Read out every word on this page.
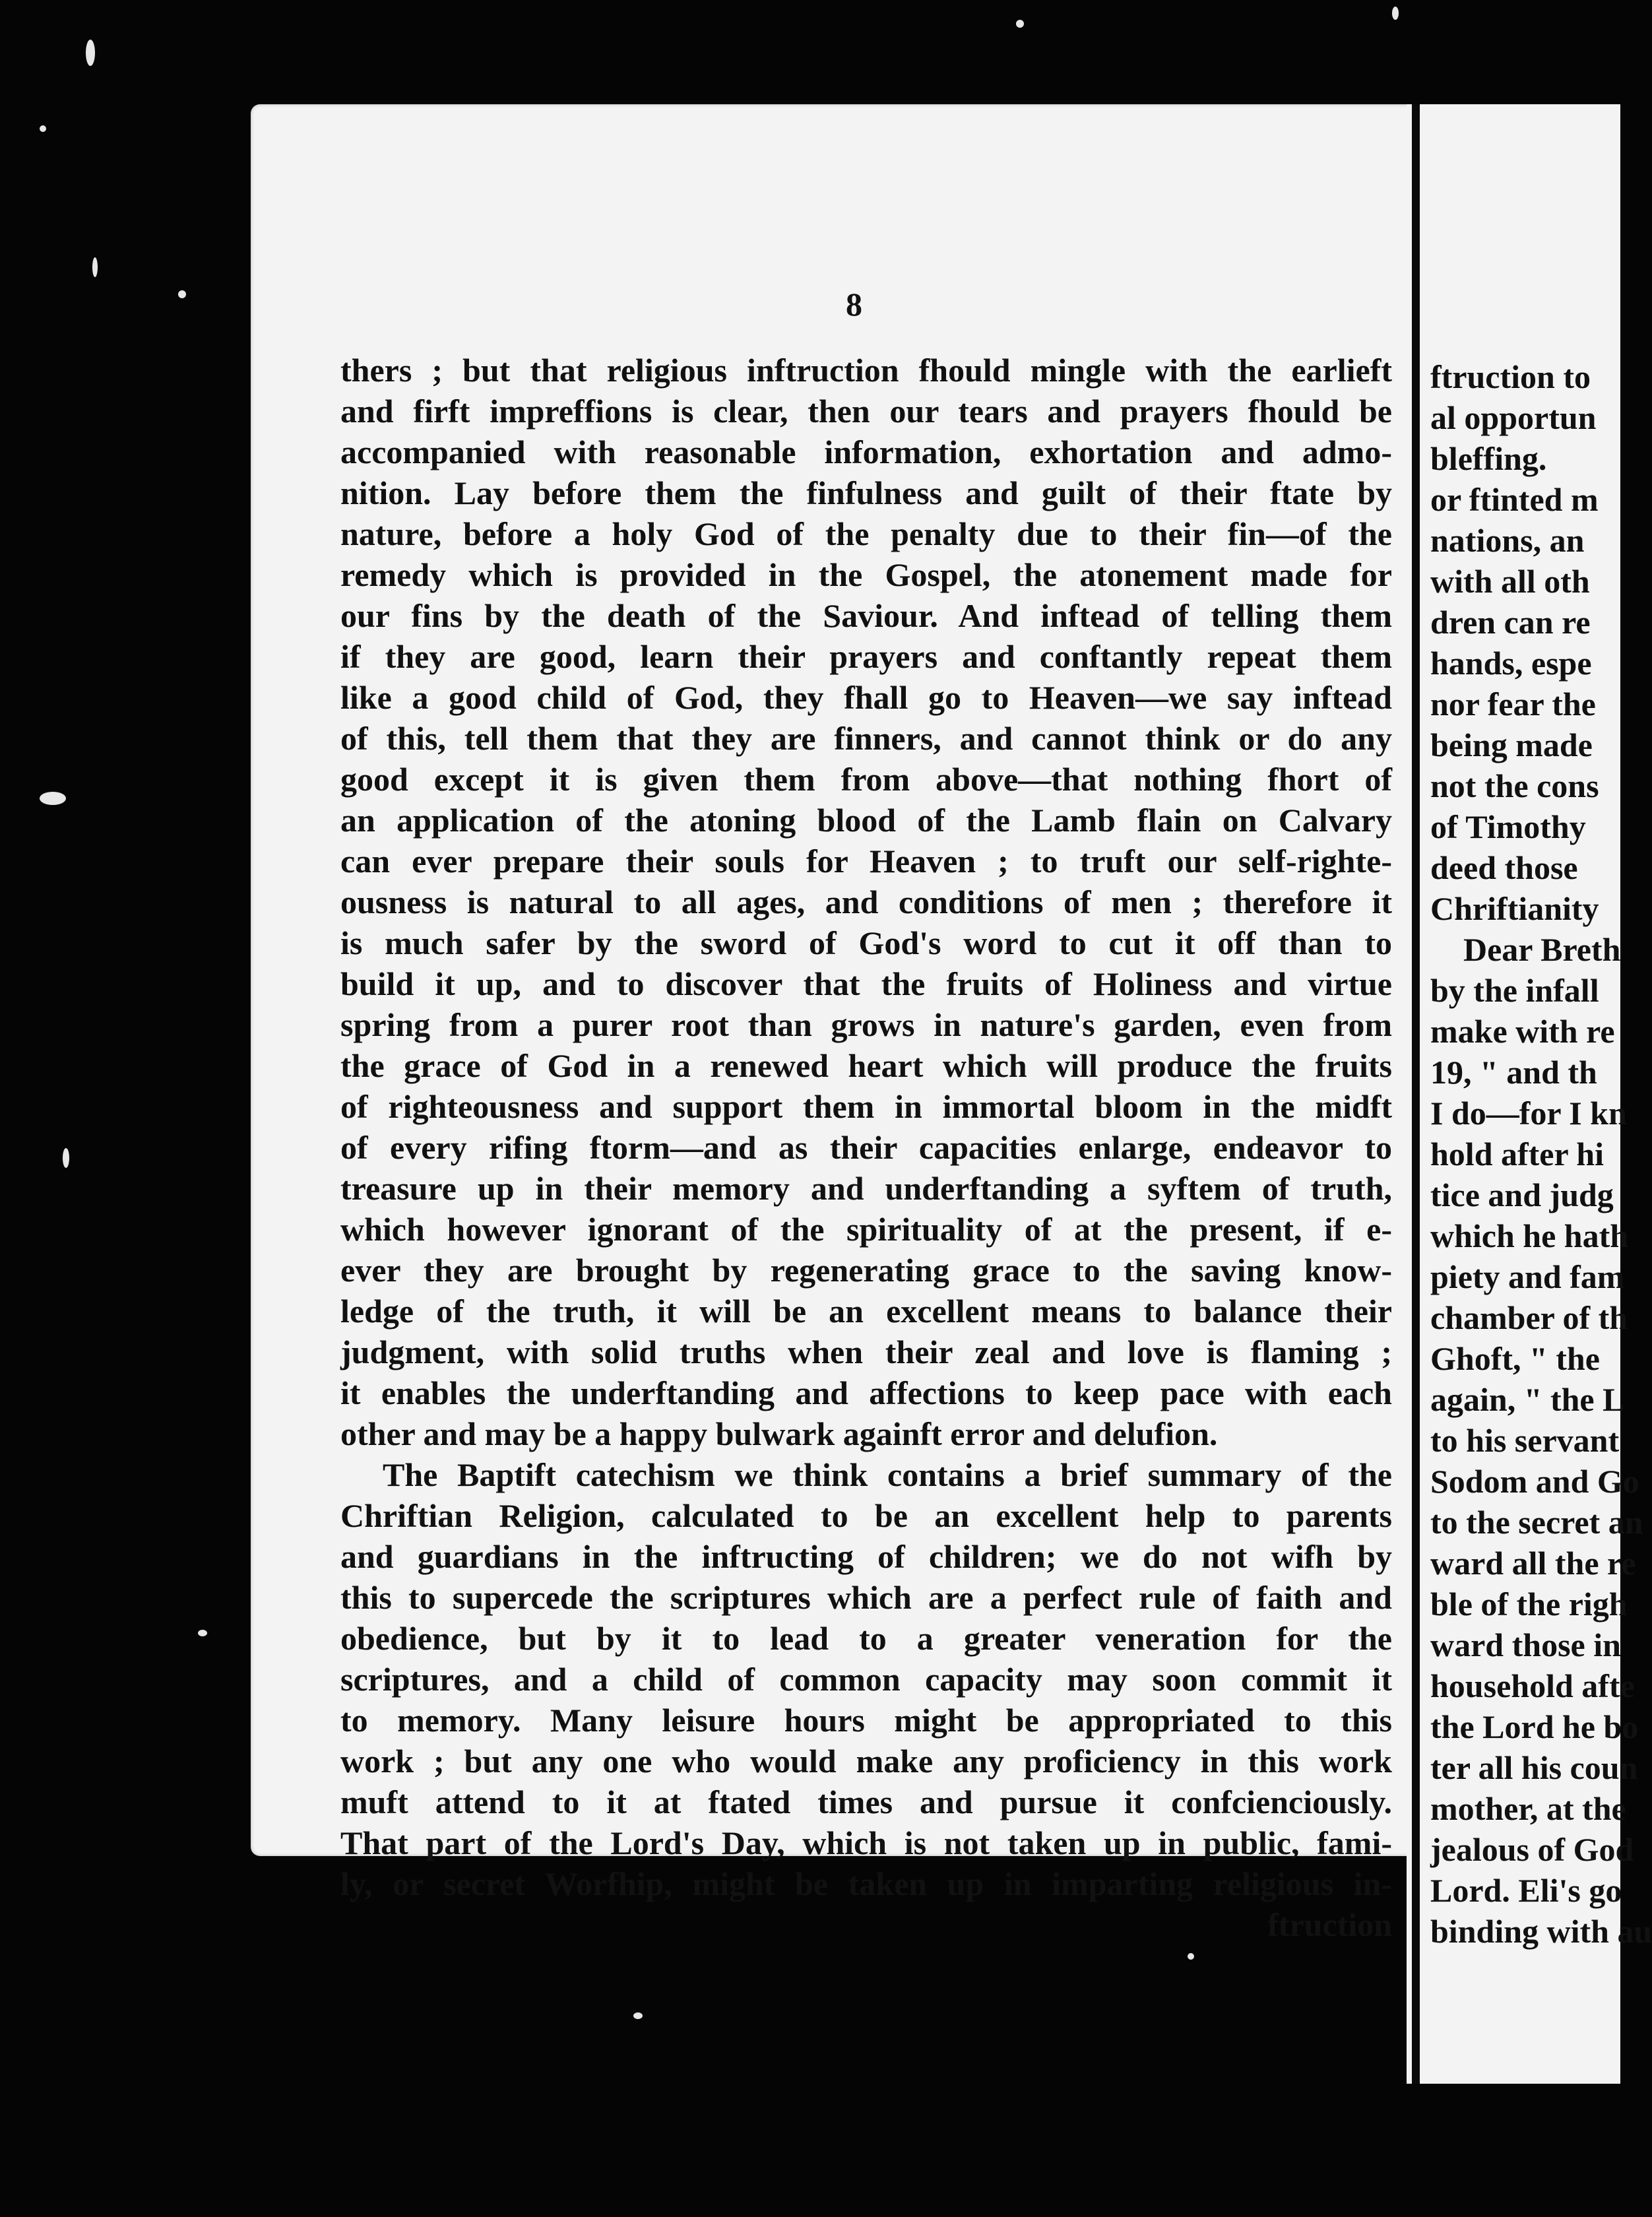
8
thers ; but that religious inftruction fhould mingle with the earlieft
and firft impreffions is clear, then our tears and prayers fhould be
accompanied with reasonable information, exhortation and admo-
nition. Lay before them the finfulness and guilt of their ftate by
nature, before a holy God of the penalty due to their fin—of the
remedy which is provided in the Gospel, the atonement made for
our fins by the death of the Saviour. And inftead of telling them
if they are good, learn their prayers and conftantly repeat them
like a good child of God, they fhall go to Heaven—we say inftead
of this, tell them that they are finners, and cannot think or do any
good except it is given them from above—that nothing fhort of
an application of the atoning blood of the Lamb flain on Calvary
can ever prepare their souls for Heaven ; to truft our self-righte-
ousness is natural to all ages, and conditions of men ; therefore it
is much safer by the sword of God's word to cut it off than to
build it up, and to discover that the fruits of Holiness and virtue
spring from a purer root than grows in nature's garden, even from
the grace of God in a renewed heart which will produce the fruits
of righteousness and support them in immortal bloom in the midft
of every rifing ftorm—and as their capacities enlarge, endeavor to
treasure up in their memory and underftanding a syftem of truth,
which however ignorant of the spirituality of at the present, if e-
ever they are brought by regenerating grace to the saving know-
ledge of the truth, it will be an excellent means to balance their
judgment, with solid truths when their zeal and love is flaming ;
it enables the underftanding and affections to keep pace with each
other and may be a happy bulwark againft error and delufion.
The Baptift catechism we think contains a brief summary of the
Chriftian Religion, calculated to be an excellent help to parents
and guardians in the inftructing of children; we do not wifh by
this to supercede the scriptures which are a perfect rule of faith and
obedience, but by it to lead to a greater veneration for the
scriptures, and a child of common capacity may soon commit it
to memory. Many leisure hours might be appropriated to this
work ; but any one who would make any proficiency in this work
muft attend to it at ftated times and pursue it confcienciously.
That part of the Lord's Day, which is not taken up in public, fami-
ly, or secret Worfhip, might be taken up in imparting religious in-
ftruction
ftruction to
al opportun
bleffing.
or ftinted m
nations, an
with all oth
dren can re
hands, espe
nor fear the
being made
not the cons
of Timothy
deed those
Chriftianity
Dear Breth
by the infall
make with re
19, " and th
I do—for I kn
hold after hi
tice and judg
which he hath
piety and fam
chamber of th
Ghoft, " the
again, " the L
to his servant
Sodom and Go
to the secret an
ward all the re
ble of the righ
ward those in
household afte
the Lord he bo
ter all his coun
mother, at the
jealous of God
Lord. Eli's go
binding with au
